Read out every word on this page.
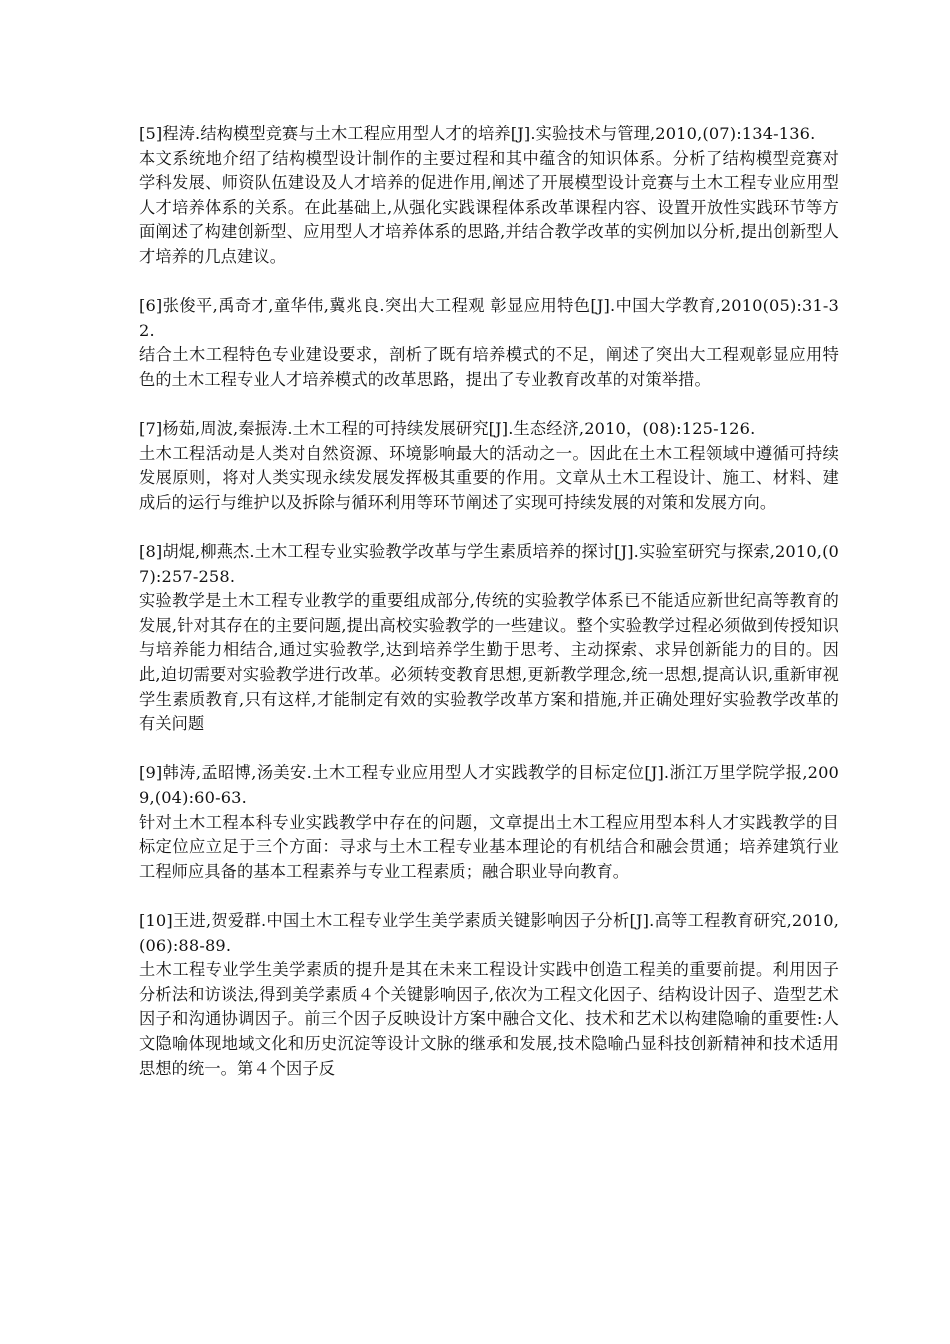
[5]程涛.结构模型竞赛与土木工程应用型人才的培养[J].实验技术与管理,2010,(07):134-136.

本文系统地介绍了结构模型设计制作的主要过程和其中蕴含的知识体系。分析了结构模型竞赛对学科发展、师资队伍建设及人才培养的促进作用,阐述了开展模型设计竞赛与土木工程专业应用型人才培养体系的关系。在此基础上,从强化实践课程体系改革课程内容、设置开放性实践环节等方面阐述了构建创新型、应用型人才培养体系的思路,并结合教学改革的实例加以分析,提出创新型人才培养的几点建议。

[6]张俊平,禹奇才,童华伟,冀兆良.突出大工程观 彰显应用特色[J].中国大学教育,2010(05):31-32.

结合土木工程特色专业建设要求，剖析了既有培养模式的不足，阐述了突出大工程观彰显应用特色的土木工程专业人才培养模式的改革思路，提出了专业教育改革的对策举措。

[7]杨茹,周波,秦振涛.土木工程的可持续发展研究[J].生态经济,2010，(08):125-126.

土木工程活动是人类对自然资源、环境影响最大的活动之一。因此在土木工程领域中遵循可持续发展原则，将对人类实现永续发展发挥极其重要的作用。文章从土木工程设计、施工、材料、建成后的运行与维护以及拆除与循环利用等环节阐述了实现可持续发展的对策和发展方向。

[8]胡焜,柳燕杰.土木工程专业实验教学改革与学生素质培养的探讨[J].实验室研究与探索,2010,(07):257-258.

实验教学是土木工程专业教学的重要组成部分,传统的实验教学体系已不能适应新世纪高等教育的发展,针对其存在的主要问题,提出高校实验教学的一些建议。整个实验教学过程必须做到传授知识与培养能力相结合,通过实验教学,达到培养学生勤于思考、主动探索、求异创新能力的目的。因此,迫切需要对实验教学进行改革。必须转变教育思想,更新教学理念,统一思想,提高认识,重新审视学生素质教育,只有这样,才能制定有效的实验教学改革方案和措施,并正确处理好实验教学改革的有关问题

[9]韩涛,孟昭博,汤美安.土木工程专业应用型人才实践教学的目标定位[J].浙江万里学院学报,2009,(04):60-63.

针对土木工程本科专业实践教学中存在的问题，文章提出土木工程应用型本科人才实践教学的目标定位应立足于三个方面：寻求与土木工程专业基本理论的有机结合和融会贯通；培养建筑行业工程师应具备的基本工程素养与专业工程素质；融合职业导向教育。

[10]王进,贺爱群.中国土木工程专业学生美学素质关键影响因子分析[J].高等工程教育研究,2010,(06):88-89.

土木工程专业学生美学素质的提升是其在未来工程设计实践中创造工程美的重要前提。利用因子分析法和访谈法,得到美学素质４个关键影响因子,依次为工程文化因子、结构设计因子、造型艺术因子和沟通协调因子。前三个因子反映设计方案中融合文化、技术和艺术以构建隐喻的重要性:人文隐喻体现地域文化和历史沉淀等设计文脉的继承和发展,技术隐喻凸显科技创新精神和技术适用思想的统一。第４个因子反
